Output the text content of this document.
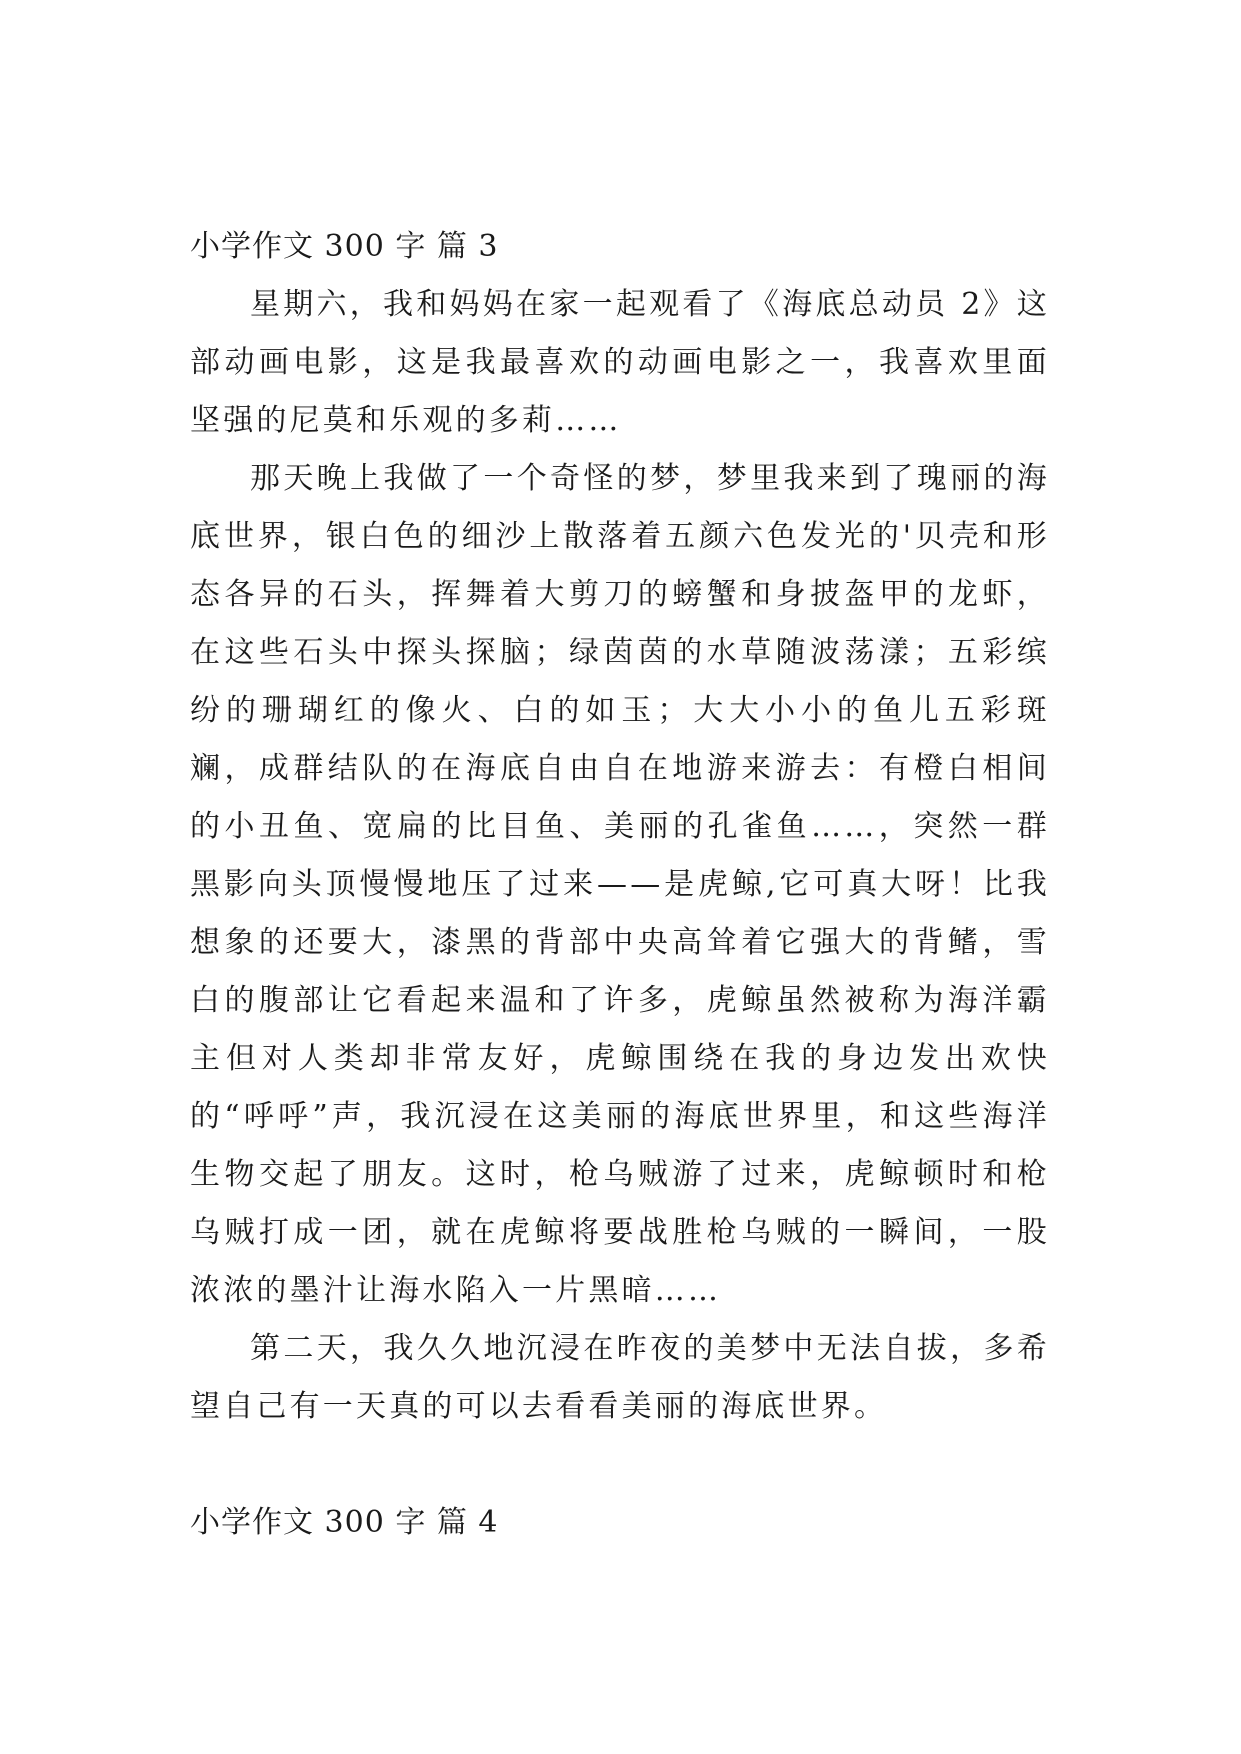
小学作文 300 字 篇 3

星期六，我和妈妈在家一起观看了《海底总动员 2》这部动画电影，这是我最喜欢的动画电影之一，我喜欢里面坚强的尼莫和乐观的多莉……

那天晚上我做了一个奇怪的梦，梦里我来到了瑰丽的海底世界，银白色的细沙上散落着五颜六色发光的'贝壳和形态各异的石头，挥舞着大剪刀的螃蟹和身披盔甲的龙虾，在这些石头中探头探脑；绿茵茵的水草随波荡漾；五彩缤纷的珊瑚红的像火、白的如玉；大大小小的鱼儿五彩斑斓，成群结队的在海底自由自在地游来游去：有橙白相间的小丑鱼、宽扁的比目鱼、美丽的孔雀鱼……，突然一群黑影向头顶慢慢地压了过来——是虎鲸,它可真大呀！比我想象的还要大，漆黑的背部中央高耸着它强大的背鳍，雪白的腹部让它看起来温和了许多，虎鲸虽然被称为海洋霸主但对人类却非常友好，虎鲸围绕在我的身边发出欢快的“呼呼”声，我沉浸在这美丽的海底世界里，和这些海洋生物交起了朋友。这时，枪乌贼游了过来，虎鲸顿时和枪乌贼打成一团，就在虎鲸将要战胜枪乌贼的一瞬间，一股浓浓的墨汁让海水陷入一片黑暗……

第二天，我久久地沉浸在昨夜的美梦中无法自拔，多希望自己有一天真的可以去看看美丽的海底世界。

小学作文 300 字 篇 4
